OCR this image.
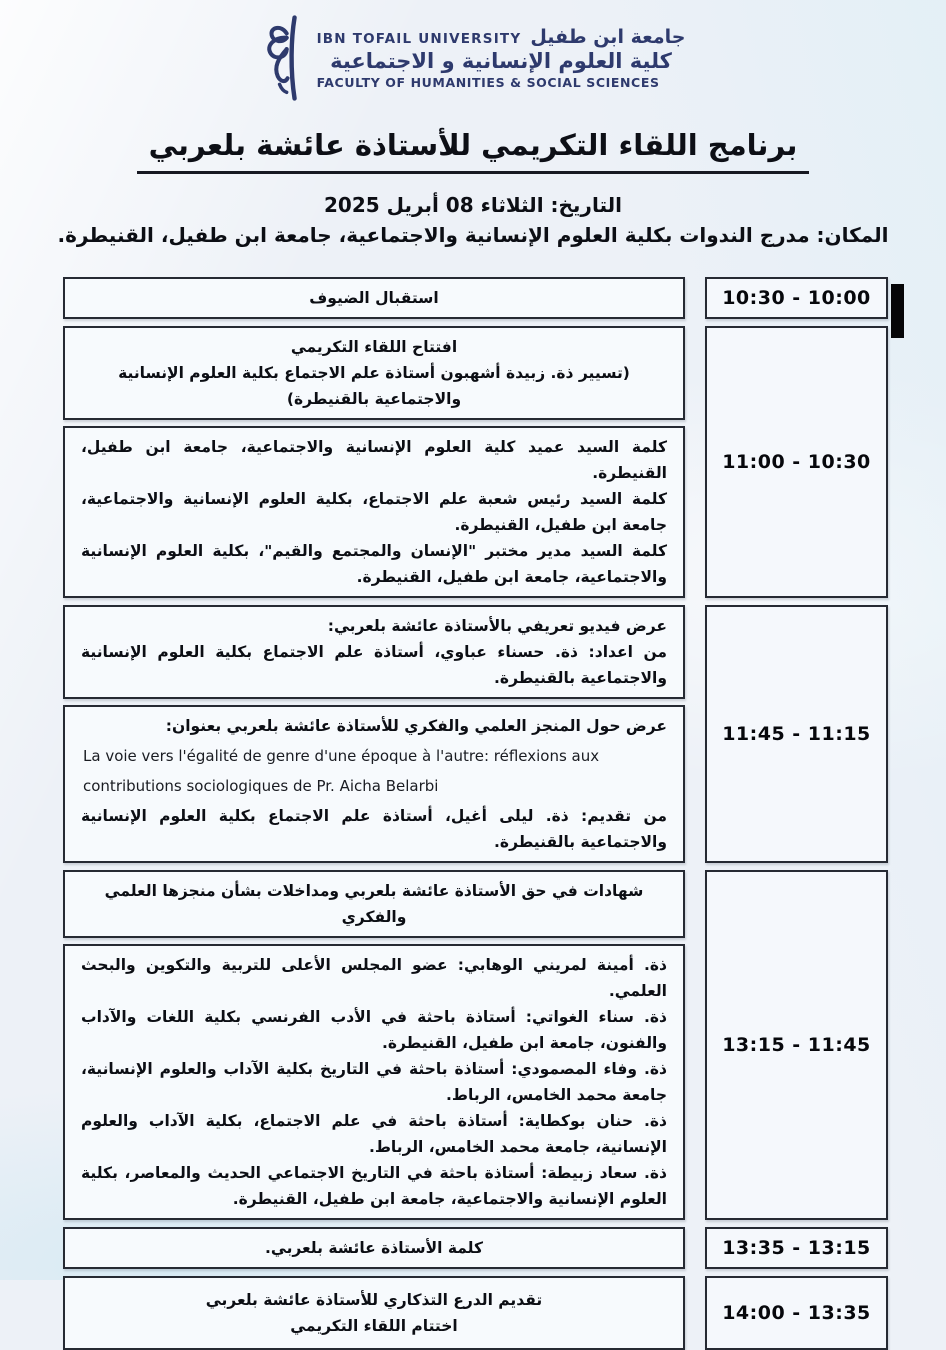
IBN TOFAIL UNIVERSITY جامعة ابن طفيل
كلية العلوم الإنسانية و الاجتماعية
FACULTY OF HUMANITIES & SOCIAL SCIENCES
برنامج اللقاء التكريمي للأستاذة عائشة بلعربي
التاريخ: الثلاثاء 08 أبريل 2025
المكان: مدرج الندوات بكلية العلوم الإنسانية والاجتماعية، جامعة ابن طفيل، القنيطرة.
10:30 - 10:00

استقبال الضيوف

11:00 - 10:30

افتتاح اللقاء التكريمي

(تسيير ذة. زبيدة أشهبون أستاذة علم الاجتماع بكلية العلوم الإنسانية والاجتماعية بالقنيطرة)

كلمة السيد عميد كلية العلوم الإنسانية والاجتماعية، جامعة ابن طفيل، القنيطرة.

كلمة السيد رئيس شعبة علم الاجتماع، بكلية العلوم الإنسانية والاجتماعية، جامعة ابن طفيل، القنيطرة.

كلمة السيد مدير مختبر "الإنسان والمجتمع والقيم"، بكلية العلوم الإنسانية والاجتماعية، جامعة ابن طفيل، القنيطرة.

11:45 - 11:15

عرض فيديو تعريفي بالأستاذة عائشة بلعربي:

من اعداد: ذة. حسناء عباوي، أستاذة علم الاجتماع بكلية العلوم الإنسانية والاجتماعية بالقنيطرة.

عرض حول المنجز العلمي والفكري للأستاذة عائشة بلعربي بعنوان:

La voie vers l'égalité de genre d'une époque à l'autre: réflexions aux contributions sociologiques de Pr. Aicha Belarbi

من تقديم: ذة. ليلى أغيل، أستاذة علم الاجتماع بكلية العلوم الإنسانية والاجتماعية بالقنيطرة.

13:15 - 11:45

شهادات في حق الأستاذة عائشة بلعربي ومداخلات بشأن منجزها العلمي والفكري

ذة. أمينة لمريني الوهابي: عضو المجلس الأعلى للتربية والتكوين والبحث العلمي.

ذة. سناء الغواتي: أستاذة باحثة في الأدب الفرنسي بكلية اللغات والآداب والفنون، جامعة ابن طفيل، القنيطرة.

ذة. وفاء المصمودي: أستاذة باحثة في التاريخ بكلية الآداب والعلوم الإنسانية، جامعة محمد الخامس، الرباط.

ذة. حنان بوكطاية: أستاذة باحثة في علم الاجتماع، بكلية الآداب والعلوم الإنسانية، جامعة محمد الخامس، الرباط.

ذة. سعاد زبيطة: أستاذة باحثة في التاريخ الاجتماعي الحديث والمعاصر، بكلية العلوم الإنسانية والاجتماعية، جامعة ابن طفيل، القنيطرة.

13:35 - 13:15

كلمة الأستاذة عائشة بلعربي.

14:00 - 13:35

تقديم الدرع التذكاري للأستاذة عائشة بلعربي

اختتام اللقاء التكريمي
